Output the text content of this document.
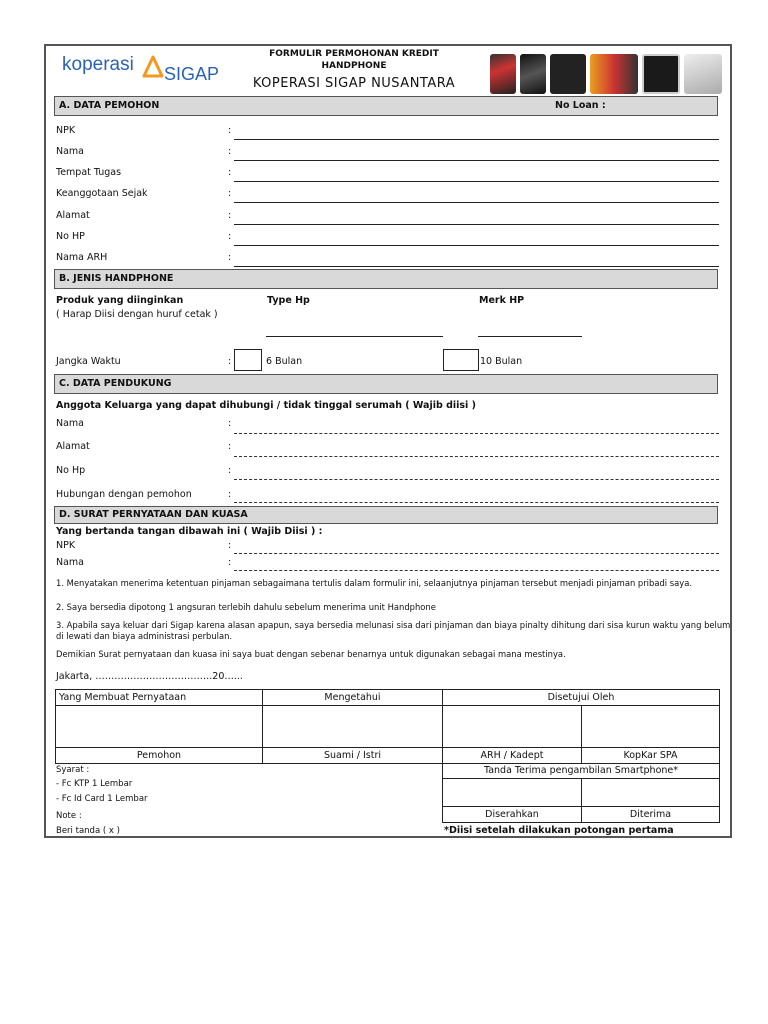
koperasi SIGAP
FORMULIR PERMOHONAN KREDIT
HANDPHONE
KOPERASI SIGAP NUSANTARA
A. DATA PEMOHON	No Loan :
NPK	:
Nama	:
Tempat Tugas	:
Keanggotaan Sejak	:
Alamat	:
No HP	:
Nama ARH	:
B. JENIS HANDPHONE
Produk yang diinginkan
( Harap Diisi dengan huruf cetak )
Type Hp	Merk HP
Jangka Waktu	:	6 Bulan	10 Bulan
C. DATA PENDUKUNG
Anggota Keluarga yang dapat dihubungi / tidak tinggal serumah ( Wajib diisi )
Nama	:
Alamat	:
No Hp	:
Hubungan dengan pemohon	:
D. SURAT PERNYATAAN DAN KUASA
Yang bertanda tangan dibawah ini ( Wajib Diisi ) :
NPK	:
Nama	:
1. Menyatakan menerima ketentuan pinjaman sebagaimana tertulis dalam formulir ini, selaanjutnya pinjaman tersebut menjadi pinjaman pribadi saya.
2. Saya bersedia dipotong 1 angsuran terlebih dahulu sebelum menerima unit Handphone
3. Apabila saya keluar dari Sigap karena alasan apapun, saya bersedia melunasi sisa dari pinjaman dan biaya pinalty dihitung dari sisa kurun waktu yang belum
di lewati dan biaya administrasi perbulan.
Demikian Surat pernyataan dan kuasa ini saya buat dengan sebenar benarnya untuk digunakan sebagai mana mestinya.
Jakarta, ……………………………….20…...
Yang Membuat Pernyataan	Mengetahui	Disetujui Oleh
Pemohon	Suami / Istri	ARH / Kadept	KopKar SPA
Syarat :
- Fc KTP 1 Lembar
- Fc Id Card 1 Lembar
Note :
Beri tanda ( x )
Tanda Terima pengambilan Smartphone*
Diserahkan	Diterima
*Diisi setelah dilakukan potongan pertama
